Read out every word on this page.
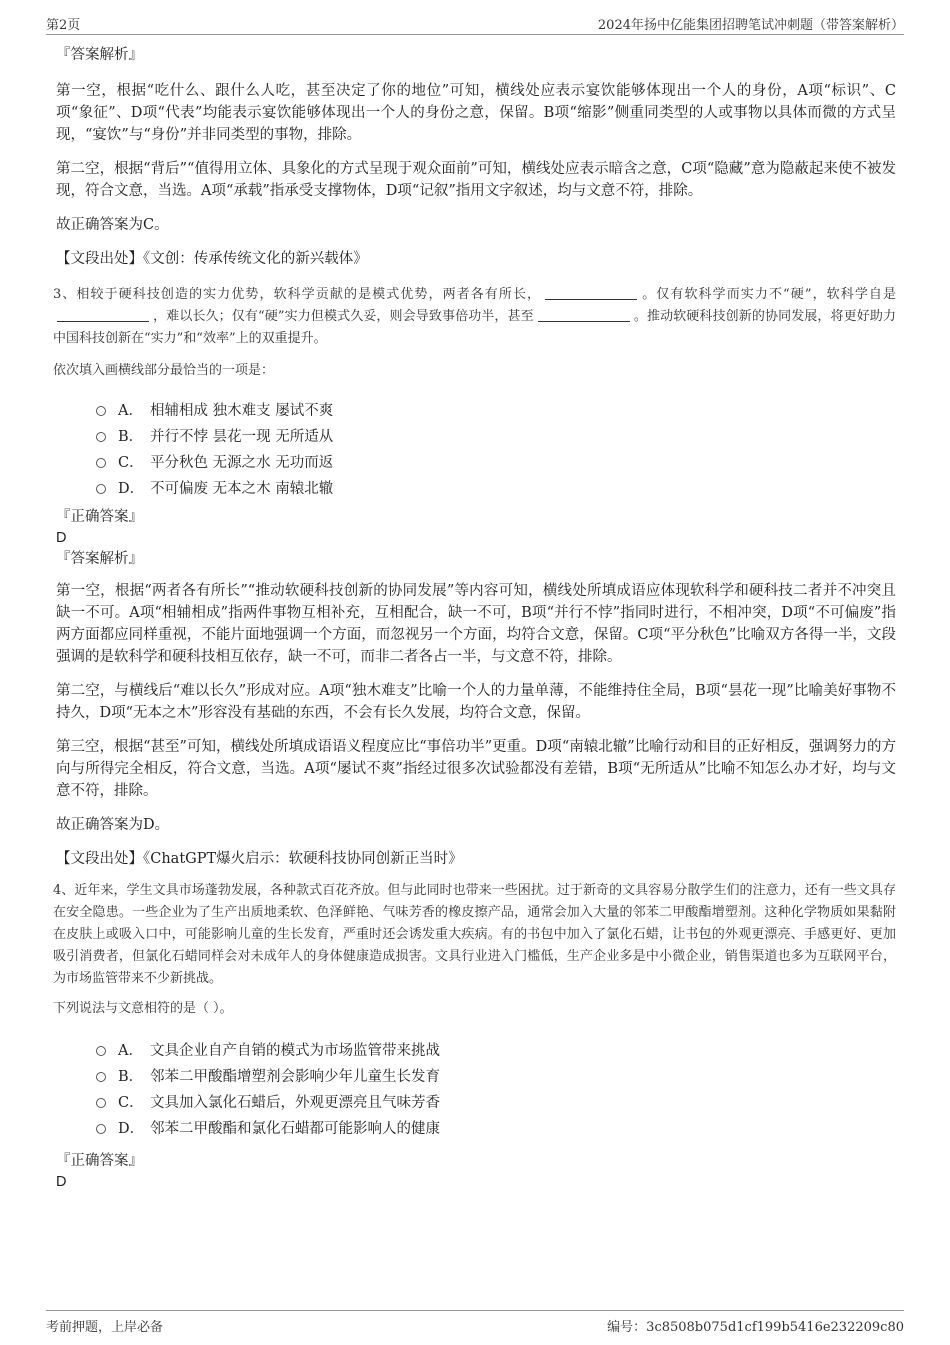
第2页	2024年扬中亿能集团招聘笔试冲刺题（带答案解析）

『答案解析』

第一空，根据“吃什么、跟什么人吃，甚至决定了你的地位”可知，横线处应表示宴饮能够体现出一个人的身份，A项“标识”、C项“象征”、D项“代表”均能表示宴饮能够体现出一个人的身份之意，保留。B项“缩影”侧重同类型的人或事物以具体而微的方式呈现，“宴饮”与“身份”并非同类型的事物，排除。

第二空，根据“背后”“值得用立体、具象化的方式呈现于观众面前”可知，横线处应表示暗含之意，C项“隐藏”意为隐蔽起来使不被发现，符合文意，当选。A项“承载”指承受支撑物体，D项“记叙”指用文字叙述，均与文意不符，排除。

故正确答案为C。

【文段出处】《文创：传承传统文化的新兴载体》

3、相较于硬科技创造的实力优势，软科学贡献的是模式优势，两者各有所长，	。仅有软科学而实力不“硬”，软科学自是，难以长久；仅有“硬”实力但模式久妥，则会导致事倍功半，甚至	。推动软硬科技创新的协同发展，将更好助力中国科技创新在“实力”和“效率”上的双重提升。

依次填入画横线部分最恰当的一项是：

A． 相辅相成 独木难支 屡试不爽
B． 并行不悖 昙花一现 无所适从
C． 平分秋色 无源之水 无功而返
D． 不可偏废 无本之木 南辕北辙

『正确答案』

D

『答案解析』

第一空，根据“两者各有所长”“推动软硬科技创新的协同发展”等内容可知，横线处所填成语应体现软科学和硬科技二者并不冲突且缺一不可。A项“相辅相成”指两件事物互相补充，互相配合，缺一不可，B项“并行不悖”指同时进行，不相冲突，D项“不可偏废”指两方面都应同样重视，不能片面地强调一个方面，而忽视另一个方面，均符合文意，保留。C项“平分秋色”比喻双方各得一半，文段强调的是软科学和硬科技相互依存，缺一不可，而非二者各占一半，与文意不符，排除。

第二空，与横线后“难以长久”形成对应。A项“独木难支”比喻一个人的力量单薄，不能维持住全局，B项“昙花一现”比喻美好事物不持久，D项“无本之木”形容没有基础的东西，不会有长久发展，均符合文意，保留。

第三空，根据“甚至”可知，横线处所填成语语义程度应比“事倍功半”更重。D项“南辕北辙”比喻行动和目的正好相反，强调努力的方向与所得完全相反，符合文意，当选。A项“屡试不爽”指经过很多次试验都没有差错，B项“无所适从”比喻不知怎么办才好，均与文意不符，排除。

故正确答案为D。

【文段出处】《ChatGPT爆火启示：软硬科技协同创新正当时》

4、近年来，学生文具市场蓬勃发展，各种款式百花齐放。但与此同时也带来一些困扰。过于新奇的文具容易分散学生们的注意力，还有一些文具存在安全隐患。一些企业为了生产出质地柔软、色泽鲜艳、气味芳香的橡皮擦产品，通常会加入大量的邻苯二甲酸酯增塑剂。这种化学物质如果黏附在皮肤上或吸入口中，可能影响儿童的生长发育，严重时还会诱发重大疾病。有的书包中加入了氯化石蜡，让书包的外观更漂亮、手感更好、更加吸引消费者，但氯化石蜡同样会对未成年人的身体健康造成损害。文具行业进入门槛低，生产企业多是中小微企业，销售渠道也多为互联网平台，为市场监管带来不少新挑战。

下列说法与文意相符的是（ ）。

A． 文具企业自产自销的模式为市场监管带来挑战
B． 邻苯二甲酸酯增塑剂会影响少年儿童生长发育
C． 文具加入氯化石蜡后，外观更漂亮且气味芳香
D． 邻苯二甲酸酯和氯化石蜡都可能影响人的健康

『正确答案』

D

考前押题，上岸必备	编号：3c8508b075d1cf199b5416e232209c80
